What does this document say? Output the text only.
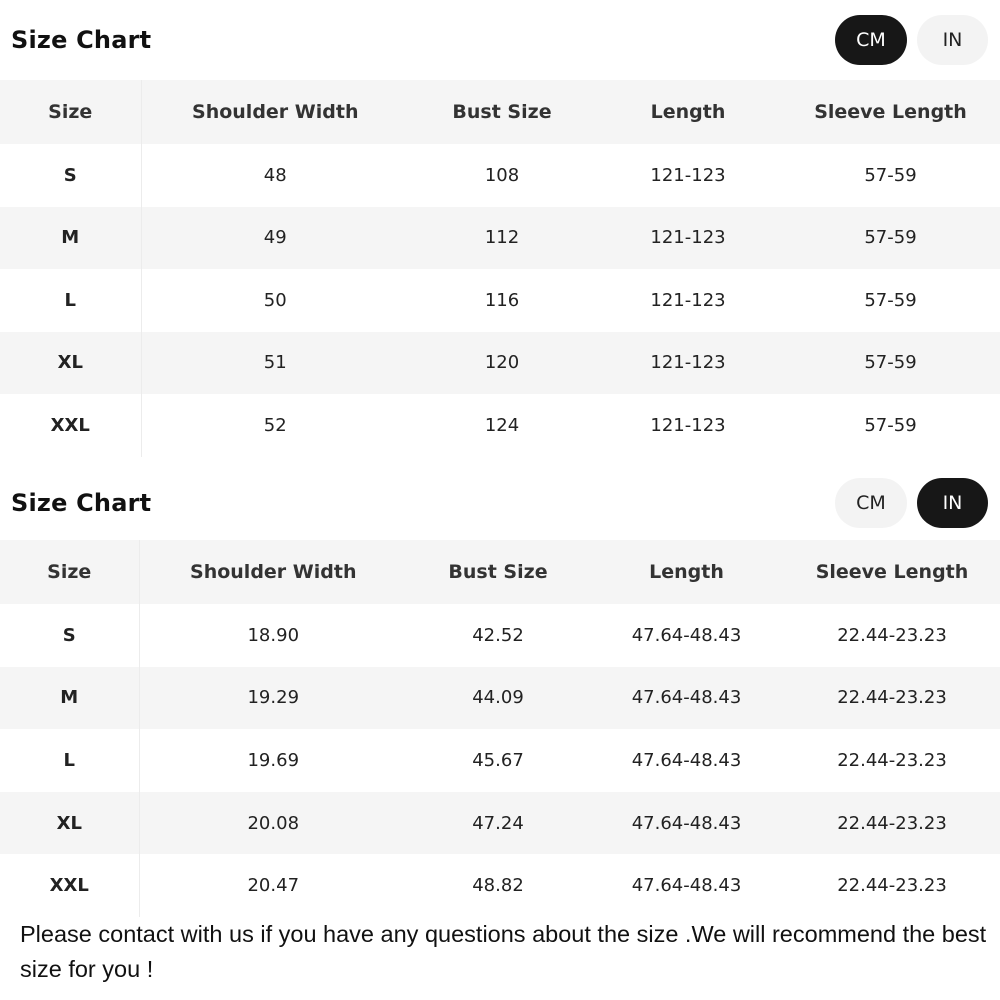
Size Chart	CM	IN
Size	Shoulder Width	Bust Size	Length	Sleeve Length
S	48	108	121-123	57-59
M	49	112	121-123	57-59
L	50	116	121-123	57-59
XL	51	120	121-123	57-59
XXL	52	124	121-123	57-59
Size Chart	CM	IN
Size	Shoulder Width	Bust Size	Length	Sleeve Length
S	18.90	42.52	47.64-48.43	22.44-23.23
M	19.29	44.09	47.64-48.43	22.44-23.23
L	19.69	45.67	47.64-48.43	22.44-23.23
XL	20.08	47.24	47.64-48.43	22.44-23.23
XXL	20.47	48.82	47.64-48.43	22.44-23.23
Please contact with us if you have any questions about the size .We will recommend the best size for you !
